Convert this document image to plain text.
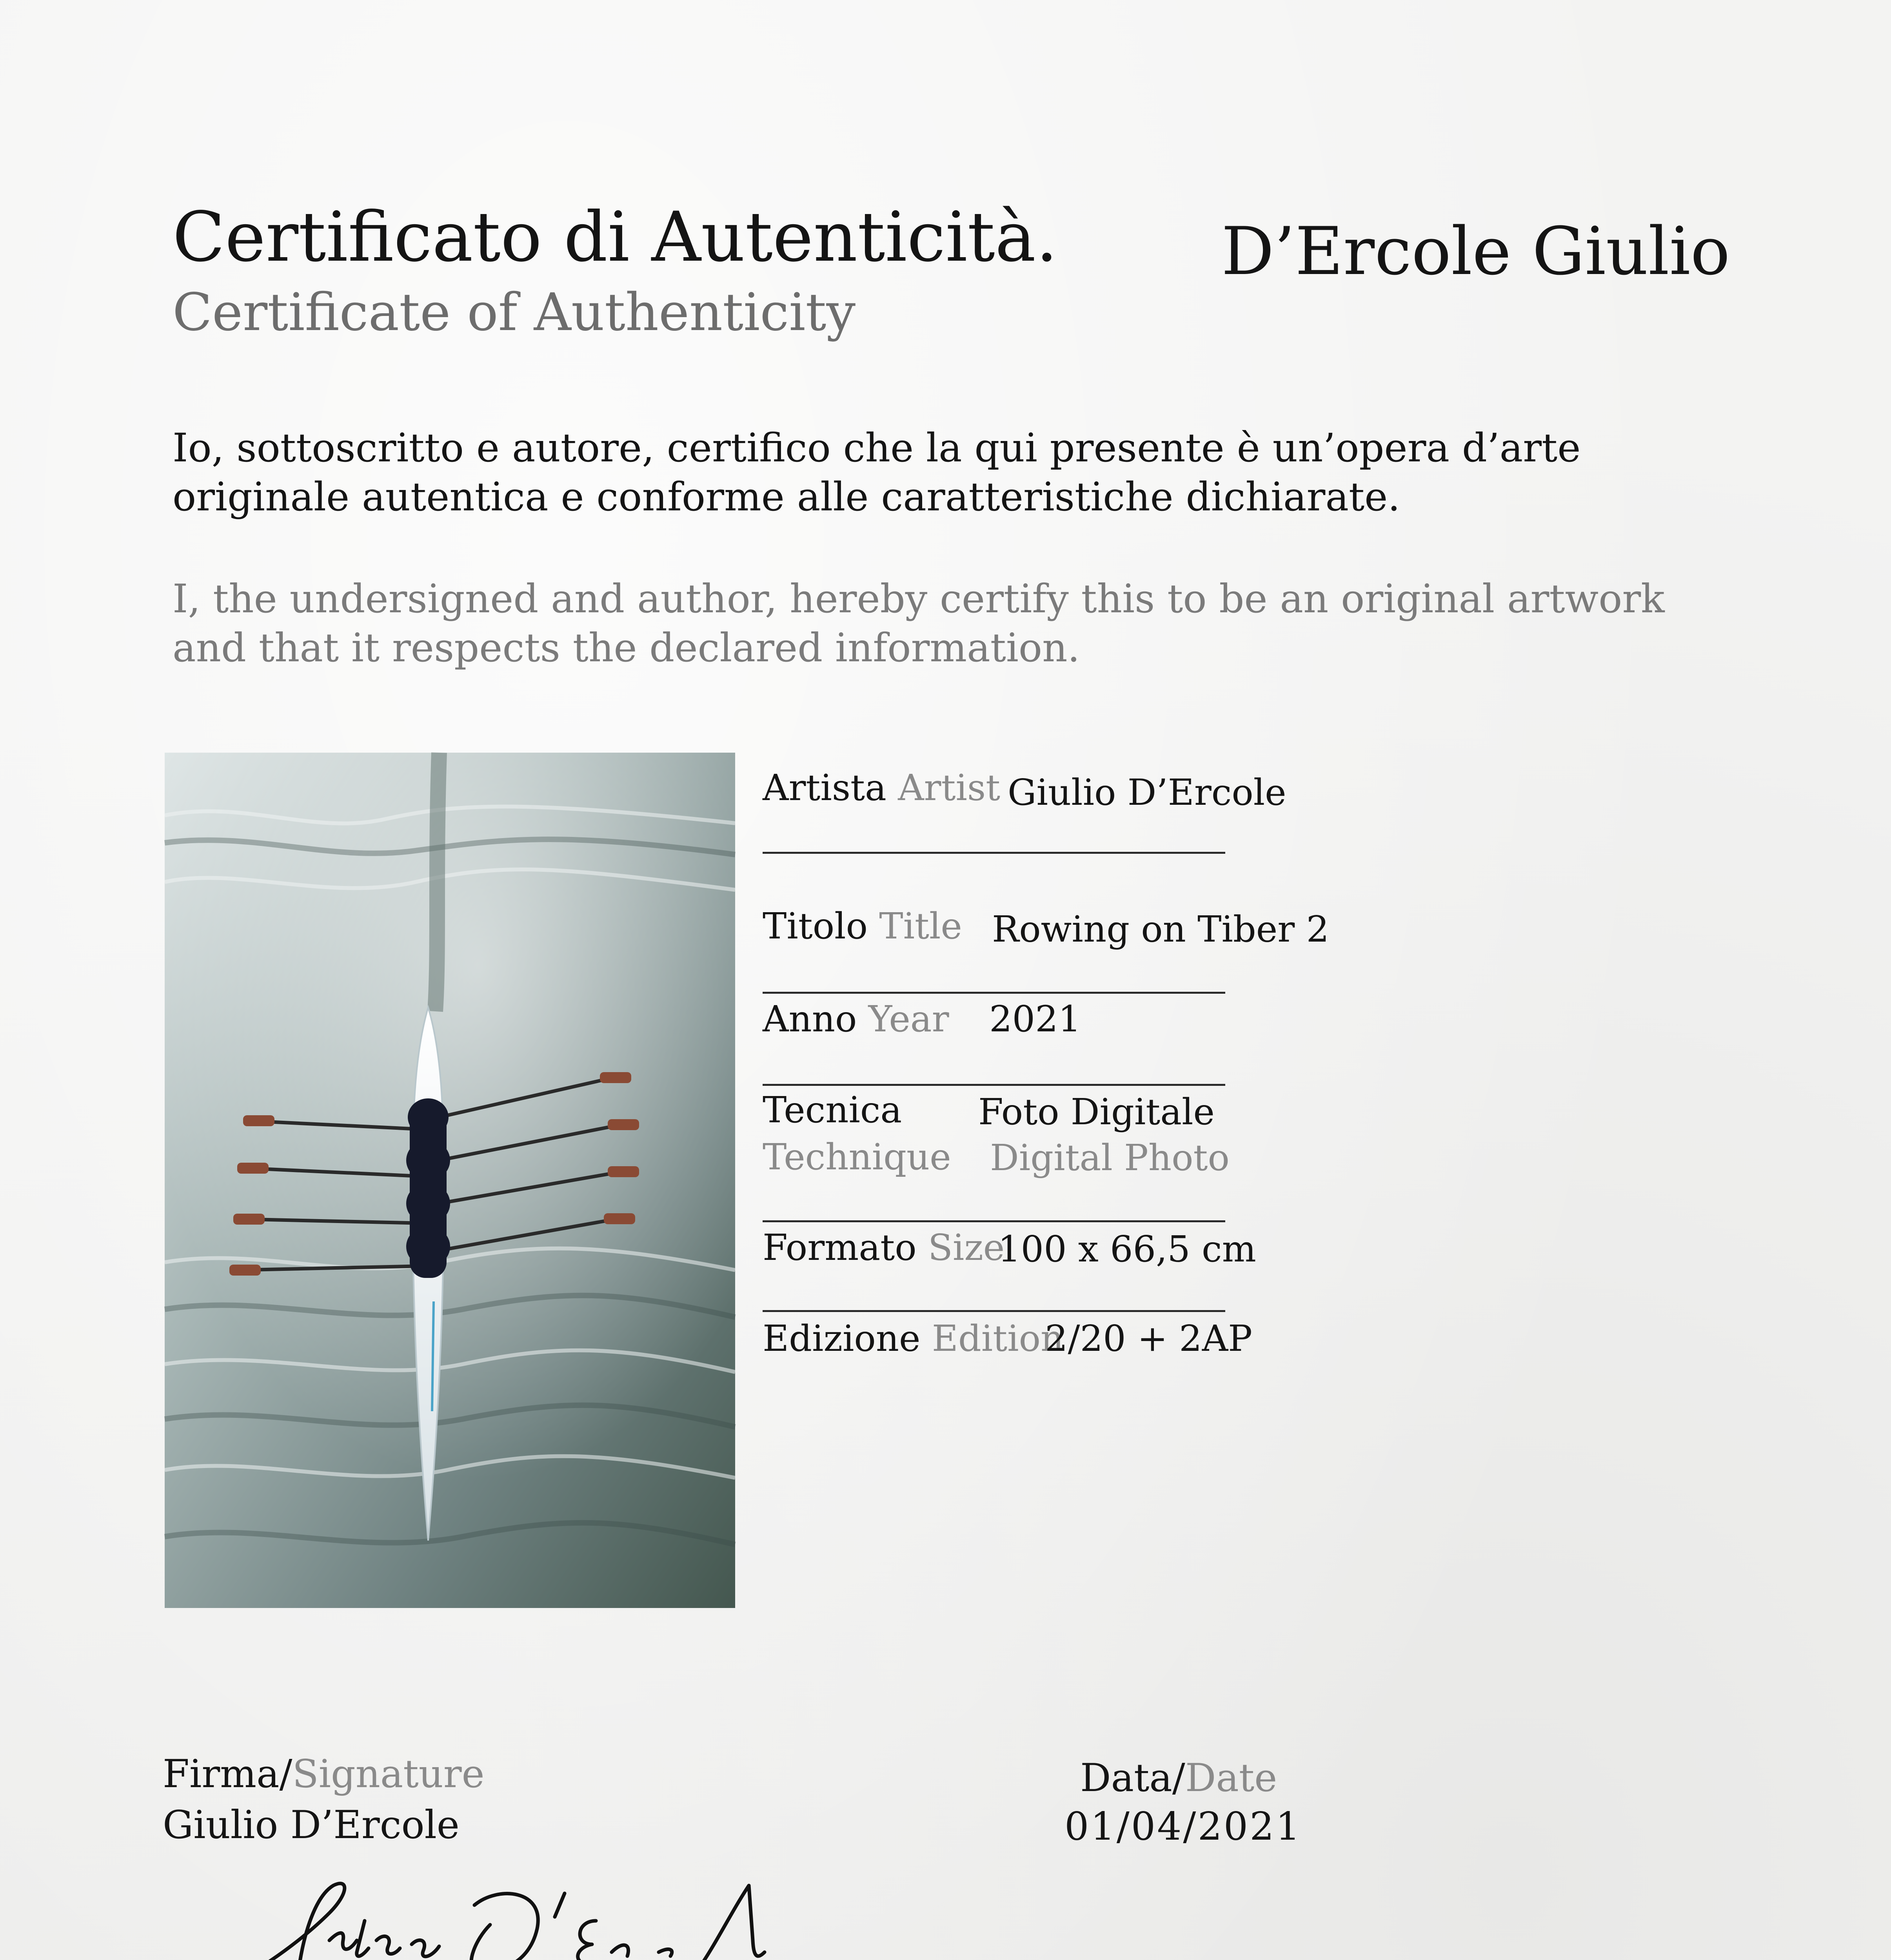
Certificato di Autenticità.
Certificate of Authenticity
D’Ercole Giulio

Io, sottoscritto e autore, certifico che la qui presente è un’opera d’arte originale autentica e conforme alle caratteristiche dichiarate.

I, the undersigned and author, hereby certify this to be an original artwork and that it respects the declared information.

Artista Artist Giulio D’Ercole
Titolo Title Rowing on Tiber 2
Anno Year 2021
Tecnica Foto Digitale
Technique Digital Photo
Formato Size
100 x 66,5 cm
Edizione Edition
2/20 + 2AP
Firma/Signature
Giulio D’Ercole
Giulio D’Ercole
Data/Date
01/04/2021
